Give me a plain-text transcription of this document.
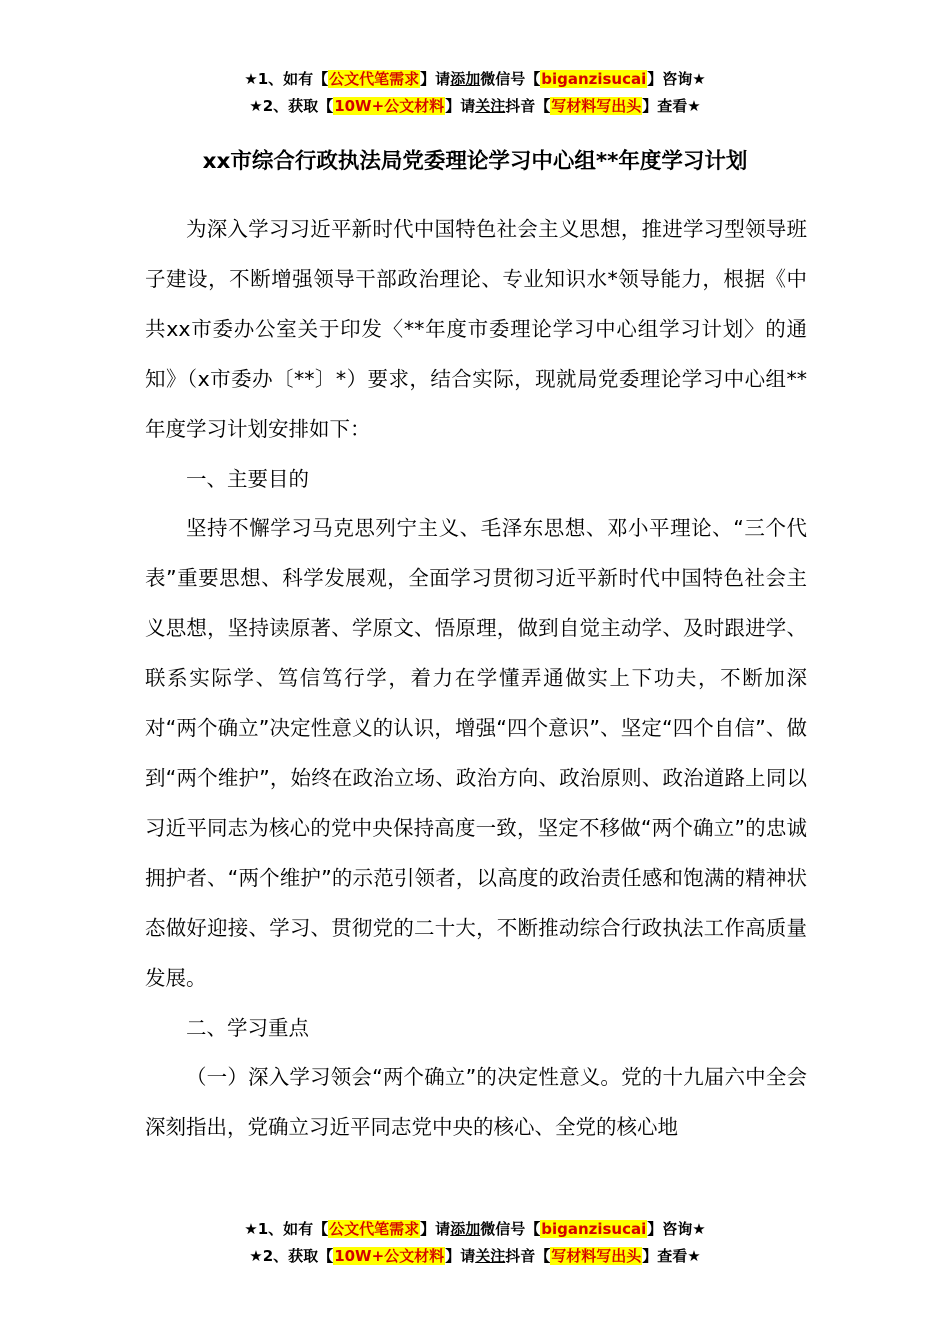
★1、如有【公文代笔需求】请添加微信号【biganzisucai】咨询★
★2、获取【10W+公文材料】请关注抖音【写材料写出头】查看★
xx市综合行政执法局党委理论学习中心组**年度学习计划

为深入学习习近平新时代中国特色社会主义思想，推进学习型领导班子建设，不断增强领导干部政治理论、专业知识水*领导能力，根据《中共xx市委办公室关于印发〈**年度市委理论学习中心组学习计划〉的通知》（x市委办〔**〕*）要求，结合实际，现就局党委理论学习中心组**年度学习计划安排如下：

一、主要目的

坚持不懈学习马克思列宁主义、毛泽东思想、邓小平理论、“三个代表”重要思想、科学发展观，全面学习贯彻习近平新时代中国特色社会主义思想，坚持读原著、学原文、悟原理，做到自觉主动学、及时跟进学、联系实际学、笃信笃行学，着力在学懂弄通做实上下功夫，不断加深对“两个确立”决定性意义的认识，增强“四个意识”、坚定“四个自信”、做到“两个维护”，始终在政治立场、政治方向、政治原则、政治道路上同以习近平同志为核心的党中央保持高度一致，坚定不移做“两个确立”的忠诚拥护者、“两个维护”的示范引领者，以高度的政治责任感和饱满的精神状态做好迎接、学习、贯彻党的二十大，不断推动综合行政执法工作高质量发展。

二、学习重点

（一）深入学习领会“两个确立”的决定性意义。党的十九届六中全会深刻指出，党确立习近平同志党中央的核心、全党的核心地

★1、如有【公文代笔需求】请添加微信号【biganzisucai】咨询★
★2、获取【10W+公文材料】请关注抖音【写材料写出头】查看★
